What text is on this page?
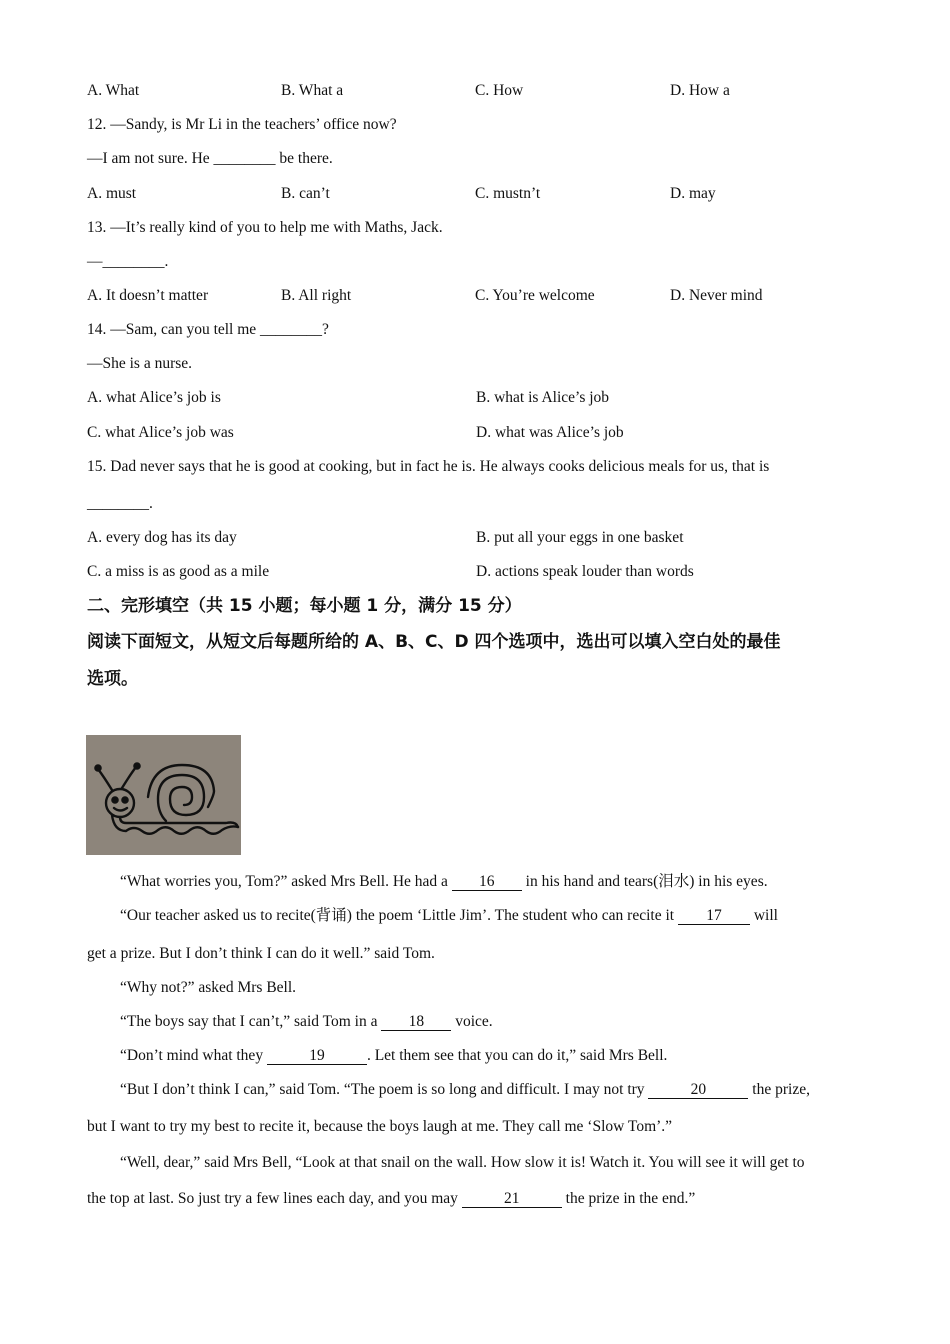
A. What	B. What a	C. How	D. How a
12. —Sandy, is Mr Li in the teachers’ office now?
—I am not sure. He ________ be there.
A. must	B. can’t	C. mustn’t	D. may
13. —It’s really kind of you to help me with Maths, Jack.
—________.
A. It doesn’t matter	B. All right	C. You’re welcome	D. Never mind
14. —Sam, can you tell me ________?
—She is a nurse.
A. what Alice’s job is	B. what is Alice’s job
C. what Alice’s job was	D. what was Alice’s job
15. Dad never says that he is good at cooking, but in fact he is. He always cooks delicious meals for us, that is
________.
A. every dog has its day	B. put all your eggs in one basket
C. a miss is as good as a mile	D. actions speak louder than words
二、完形填空（共 15 小题；每小题 1 分，满分 15 分）
阅读下面短文，从短文后每题所给的 A、B、C、D 四个选项中，选出可以填入空白处的最佳
选项。
“What worries you, Tom?” asked Mrs Bell. He had a 16 in his hand and tears(泪水) in his eyes.
“Our teacher asked us to recite(背诵) the poem ‘Little Jim’. The student who can recite it 17 will
get a prize. But I don’t think I can do it well.” said Tom.
“Why not?” asked Mrs Bell.
“The boys say that I can’t,” said Tom in a 18 voice.
“Don’t mind what they	19	. Let them see that you can do it,” said Mrs Bell.
“But I don’t think I can,” said Tom. “The poem is so long and difficult. I may not try	20	the prize,
but I want to try my best to recite it, because the boys laugh at me. They call me ‘Slow Tom’.”
“Well, dear,” said Mrs Bell, “Look at that snail on the wall. How slow it is! Watch it. You will see it will get to
the top at last. So just try a few lines each day, and you may	21	the prize in the end.”
